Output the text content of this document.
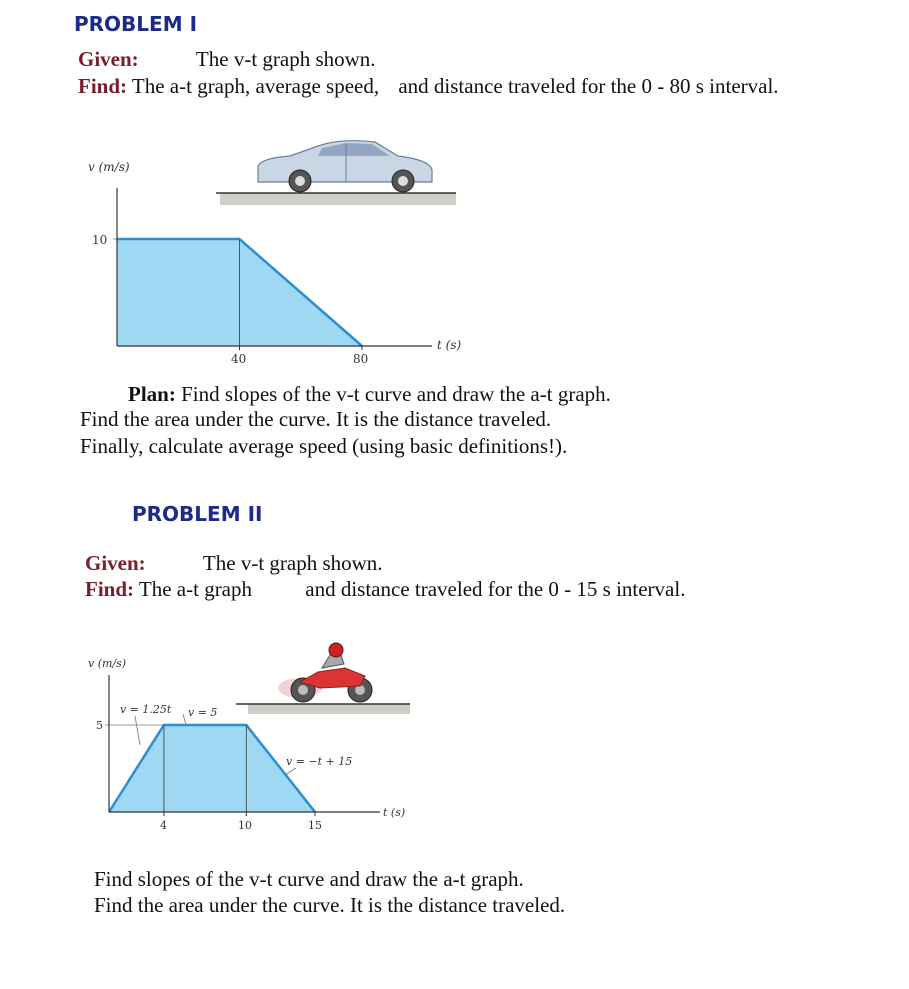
PROBLEM I
Given:	The v-t graph shown.
Find: The a-t graph, average speed, and distance traveled for the 0 - 80 s interval.
v (m/s)
10
40	80
t (s)
Plan: Find slopes of the v-t curve and draw the a-t graph.
Find the area under the curve. It is the distance traveled.
Finally, calculate average speed (using basic definitions!).
PROBLEM II
Given:	The v-t graph shown.
Find: The a-t graph	and distance traveled for the 0 - 15 s interval.
v (m/s)
5
4	10	15
t (s)
v = 1.25t v = 5
v = −t + 15
Find slopes of the v-t curve and draw the a-t graph.
Find the area under the curve. It is the distance traveled.
